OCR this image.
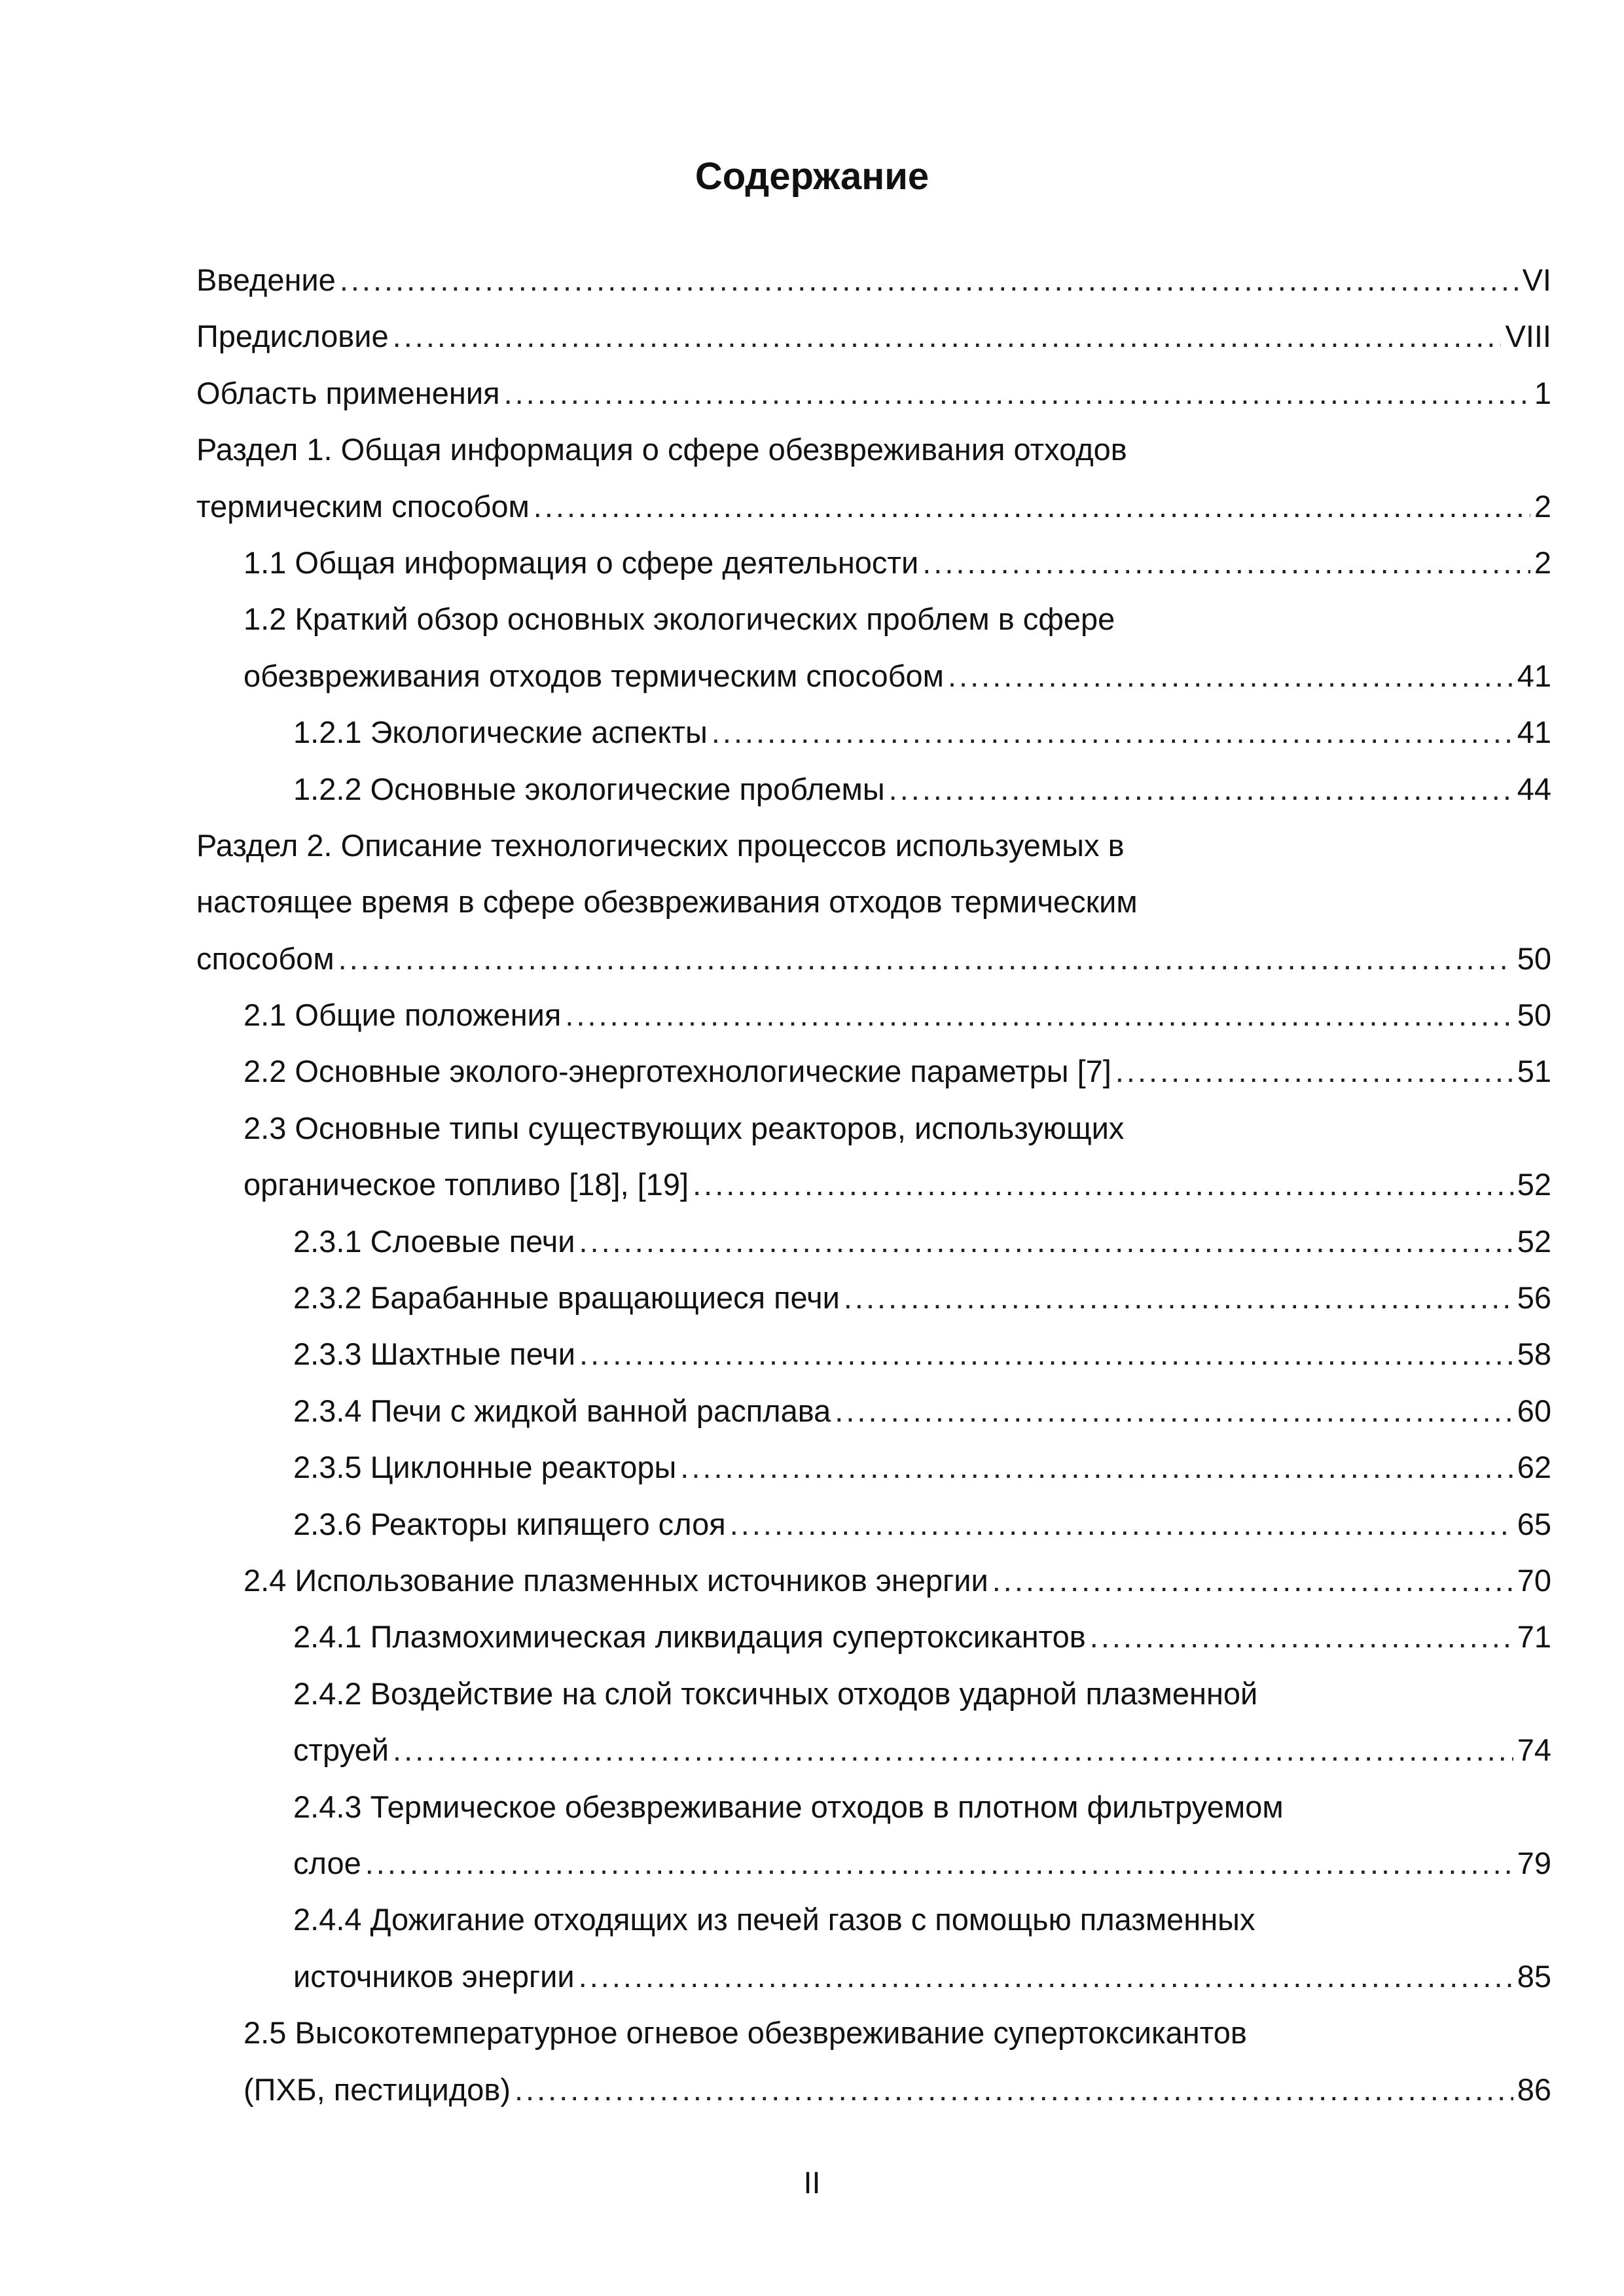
Содержание
Введение .....	VI
Предисловие .....	VIII
Область применения .....	1
Раздел 1. Общая информация о сфере обезвреживания отходов
термическим способом .....	2
1.1 Общая информация о сфере деятельности .....	2
1.2 Краткий обзор основных экологических проблем в сфере
обезвреживания отходов термическим способом .....	41
1.2.1 Экологические аспекты .....	41
1.2.2 Основные экологические проблемы .....	44
Раздел 2. Описание технологических процессов используемых в
настоящее время в сфере обезвреживания отходов термическим
способом .....	50
2.1 Общие положения .....	50
2.2 Основные эколого-энерготехнологические параметры [7] .....	51
2.3 Основные типы существующих реакторов, использующих
органическое топливо [18], [19] .....	52
2.3.1 Слоевые печи .....	52
2.3.2 Барабанные вращающиеся печи .....	56
2.3.3 Шахтные печи .....	58
2.3.4 Печи с жидкой ванной расплава .....	60
2.3.5 Циклонные реакторы .....	62
2.3.6 Реакторы кипящего слоя .....	65
2.4 Использование плазменных источников энергии .....	70
2.4.1 Плазмохимическая ликвидация супертоксикантов .....	71
2.4.2 Воздействие на слой токсичных отходов ударной плазменной
струей .....	74
2.4.3 Термическое обезвреживание отходов в плотном фильтруемом
слое .....	79
2.4.4 Дожигание отходящих из печей газов с помощью плазменных
источников энергии .....	85
2.5 Высокотемпературное огневое обезвреживание супертоксикантов
(ПХБ, пестицидов) .....	86
II
